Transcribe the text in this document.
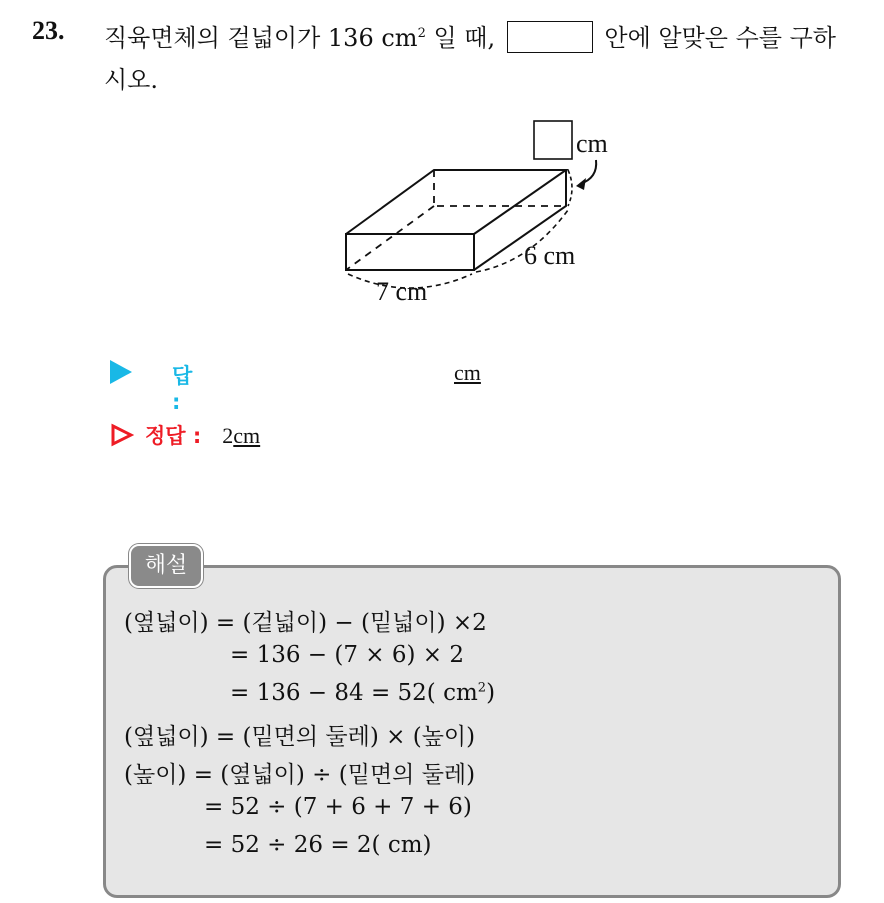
23. 직육면체의 겉넓이가 136 $cm^2$ 일 때,	안에 알맞은 수를 구하
시오.
cm
6 cm
7 cm
답 :
cm
정답 : 2cm
해설
(옆넓이) = (겉넓이) − (밑넓이) ×2
= 136 − (7 × 6) × 2
= 136 − 84 = 52( $cm^2$)
(옆넓이) = (밑면의 둘레) × (높이)
(높이) = (옆넓이) ÷ (밑면의 둘레)
= 52 ÷ (7 + 6 + 7 + 6)
= 52 ÷ 26 = 2( cm)
